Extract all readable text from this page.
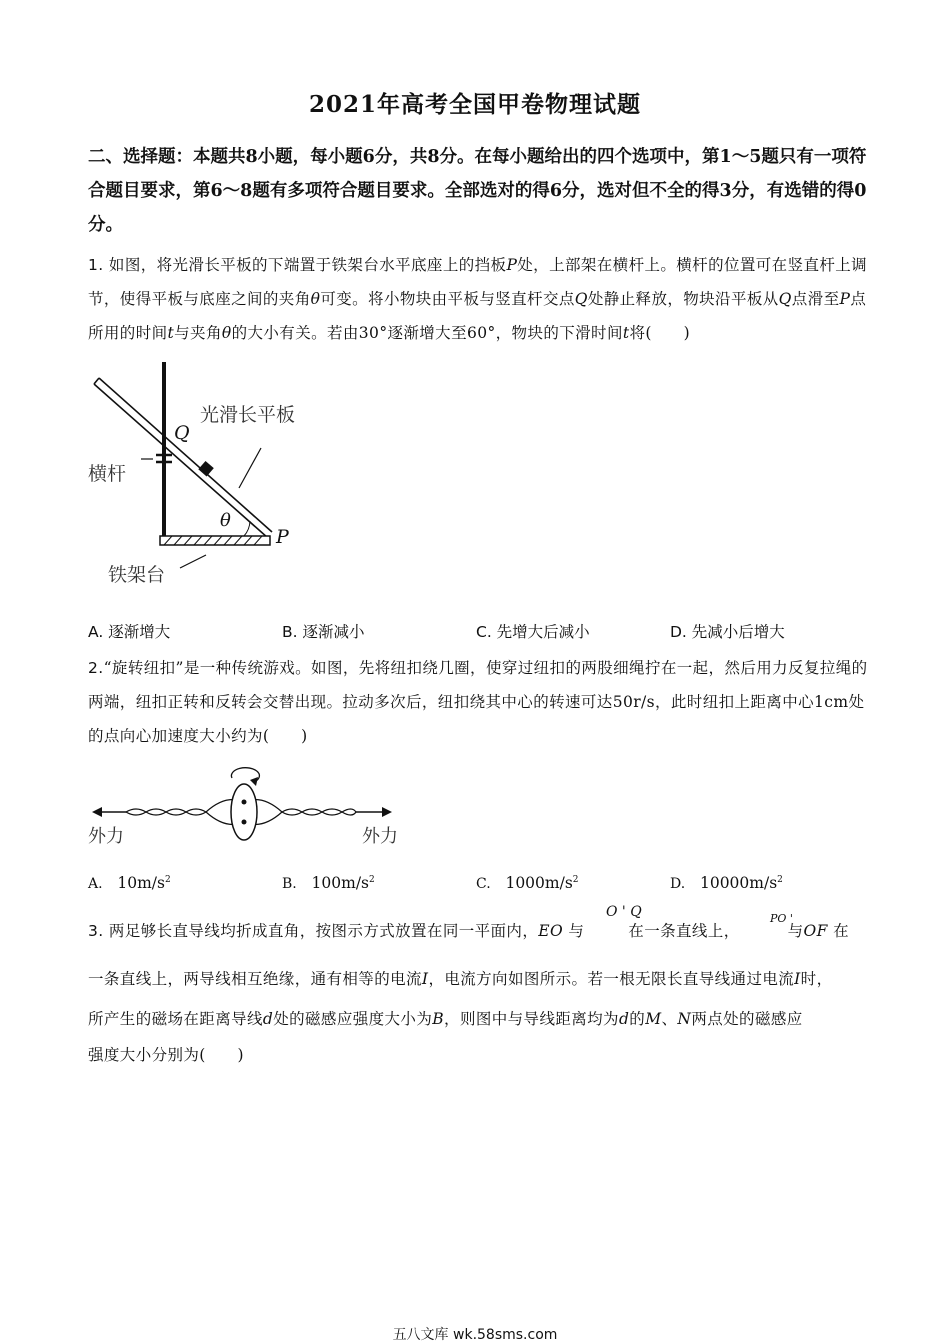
2021年高考全国甲卷物理试题
二、选择题：本题共8小题，每小题6分，共8分。在每小题给出的四个选项中，第1～5题只有一项符合题目要求，第6～8题有多项符合题目要求。全部选对的得6分，选对但不全的得3分，有选错的得0分。
1. 如图，将光滑长平板的下端置于铁架台水平底座上的挡板P处，上部架在横杆上。横杆的位置可在竖直杆上调节，使得平板与底座之间的夹角θ可变。将小物块由平板与竖直杆交点Q处静止释放，物块沿平板从Q点滑至P点所用的时间t与夹角θ的大小有关。若由30°逐渐增大至60°，物块的下滑时间t将(　　)
光滑长平板
横杆
铁架台
Q
P
θ
A. 逐渐增大	B. 逐渐减小	C. 先增大后减小	D. 先减小后增大
2.“旋转纽扣”是一种传统游戏。如图，先将纽扣绕几圈，使穿过纽扣的两股细绳拧在一起，然后用力反复拉绳的两端，纽扣正转和反转会交替出现。拉动多次后，纽扣绕其中心的转速可达50r/s，此时纽扣上距离中心1cm处的点向心加速度大小约为(　　)
外力	外力
A. $10m/s^2$	B. $100m/s^2$	C. $1000m/s^2$	D. $10000m/s^2$
3. 两足够长直导线均折成直角，按图示方式放置在同一平面内，EO 与	在一条直线上，	与OF 在
O ' Q	PO '
一条直线上，两导线相互绝缘，通有相等的电流I，电流方向如图所示。若一根无限长直导线通过电流I时，
所产生的磁场在距离导线d处的磁感应强度大小为B，则图中与导线距离均为d的M、N两点处的磁感应
强度大小分别为(　　)
五八文库 wk.58sms.com
